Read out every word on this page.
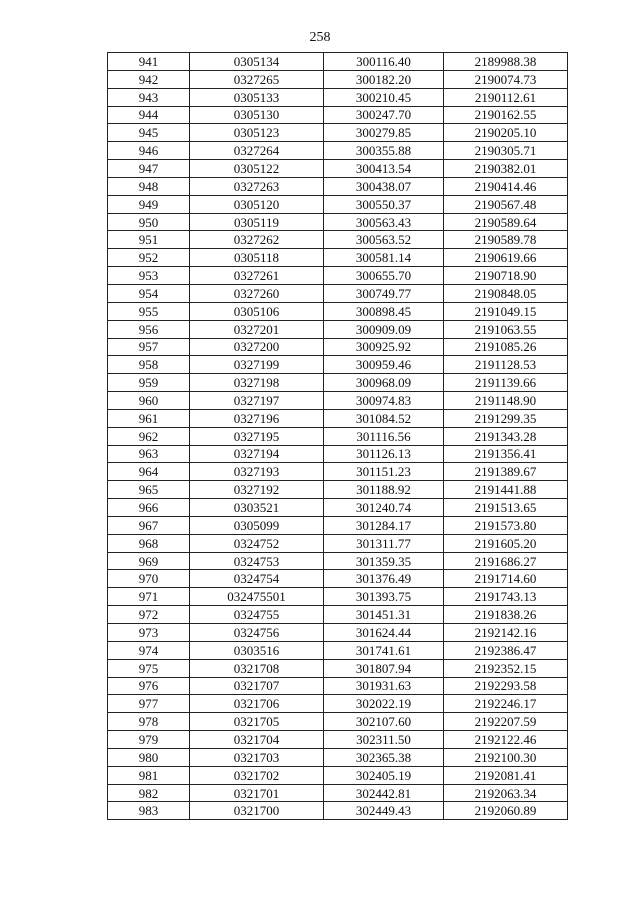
258
941	0305134	300116.40	2189988.38
942	0327265	300182.20	2190074.73
943	0305133	300210.45	2190112.61
944	0305130	300247.70	2190162.55
945	0305123	300279.85	2190205.10
946	0327264	300355.88	2190305.71
947	0305122	300413.54	2190382.01
948	0327263	300438.07	2190414.46
949	0305120	300550.37	2190567.48
950	0305119	300563.43	2190589.64
951	0327262	300563.52	2190589.78
952	0305118	300581.14	2190619.66
953	0327261	300655.70	2190718.90
954	0327260	300749.77	2190848.05
955	0305106	300898.45	2191049.15
956	0327201	300909.09	2191063.55
957	0327200	300925.92	2191085.26
958	0327199	300959.46	2191128.53
959	0327198	300968.09	2191139.66
960	0327197	300974.83	2191148.90
961	0327196	301084.52	2191299.35
962	0327195	301116.56	2191343.28
963	0327194	301126.13	2191356.41
964	0327193	301151.23	2191389.67
965	0327192	301188.92	2191441.88
966	0303521	301240.74	2191513.65
967	0305099	301284.17	2191573.80
968	0324752	301311.77	2191605.20
969	0324753	301359.35	2191686.27
970	0324754	301376.49	2191714.60
971	032475501	301393.75	2191743.13
972	0324755	301451.31	2191838.26
973	0324756	301624.44	2192142.16
974	0303516	301741.61	2192386.47
975	0321708	301807.94	2192352.15
976	0321707	301931.63	2192293.58
977	0321706	302022.19	2192246.17
978	0321705	302107.60	2192207.59
979	0321704	302311.50	2192122.46
980	0321703	302365.38	2192100.30
981	0321702	302405.19	2192081.41
982	0321701	302442.81	2192063.34
983	0321700	302449.43	2192060.89
